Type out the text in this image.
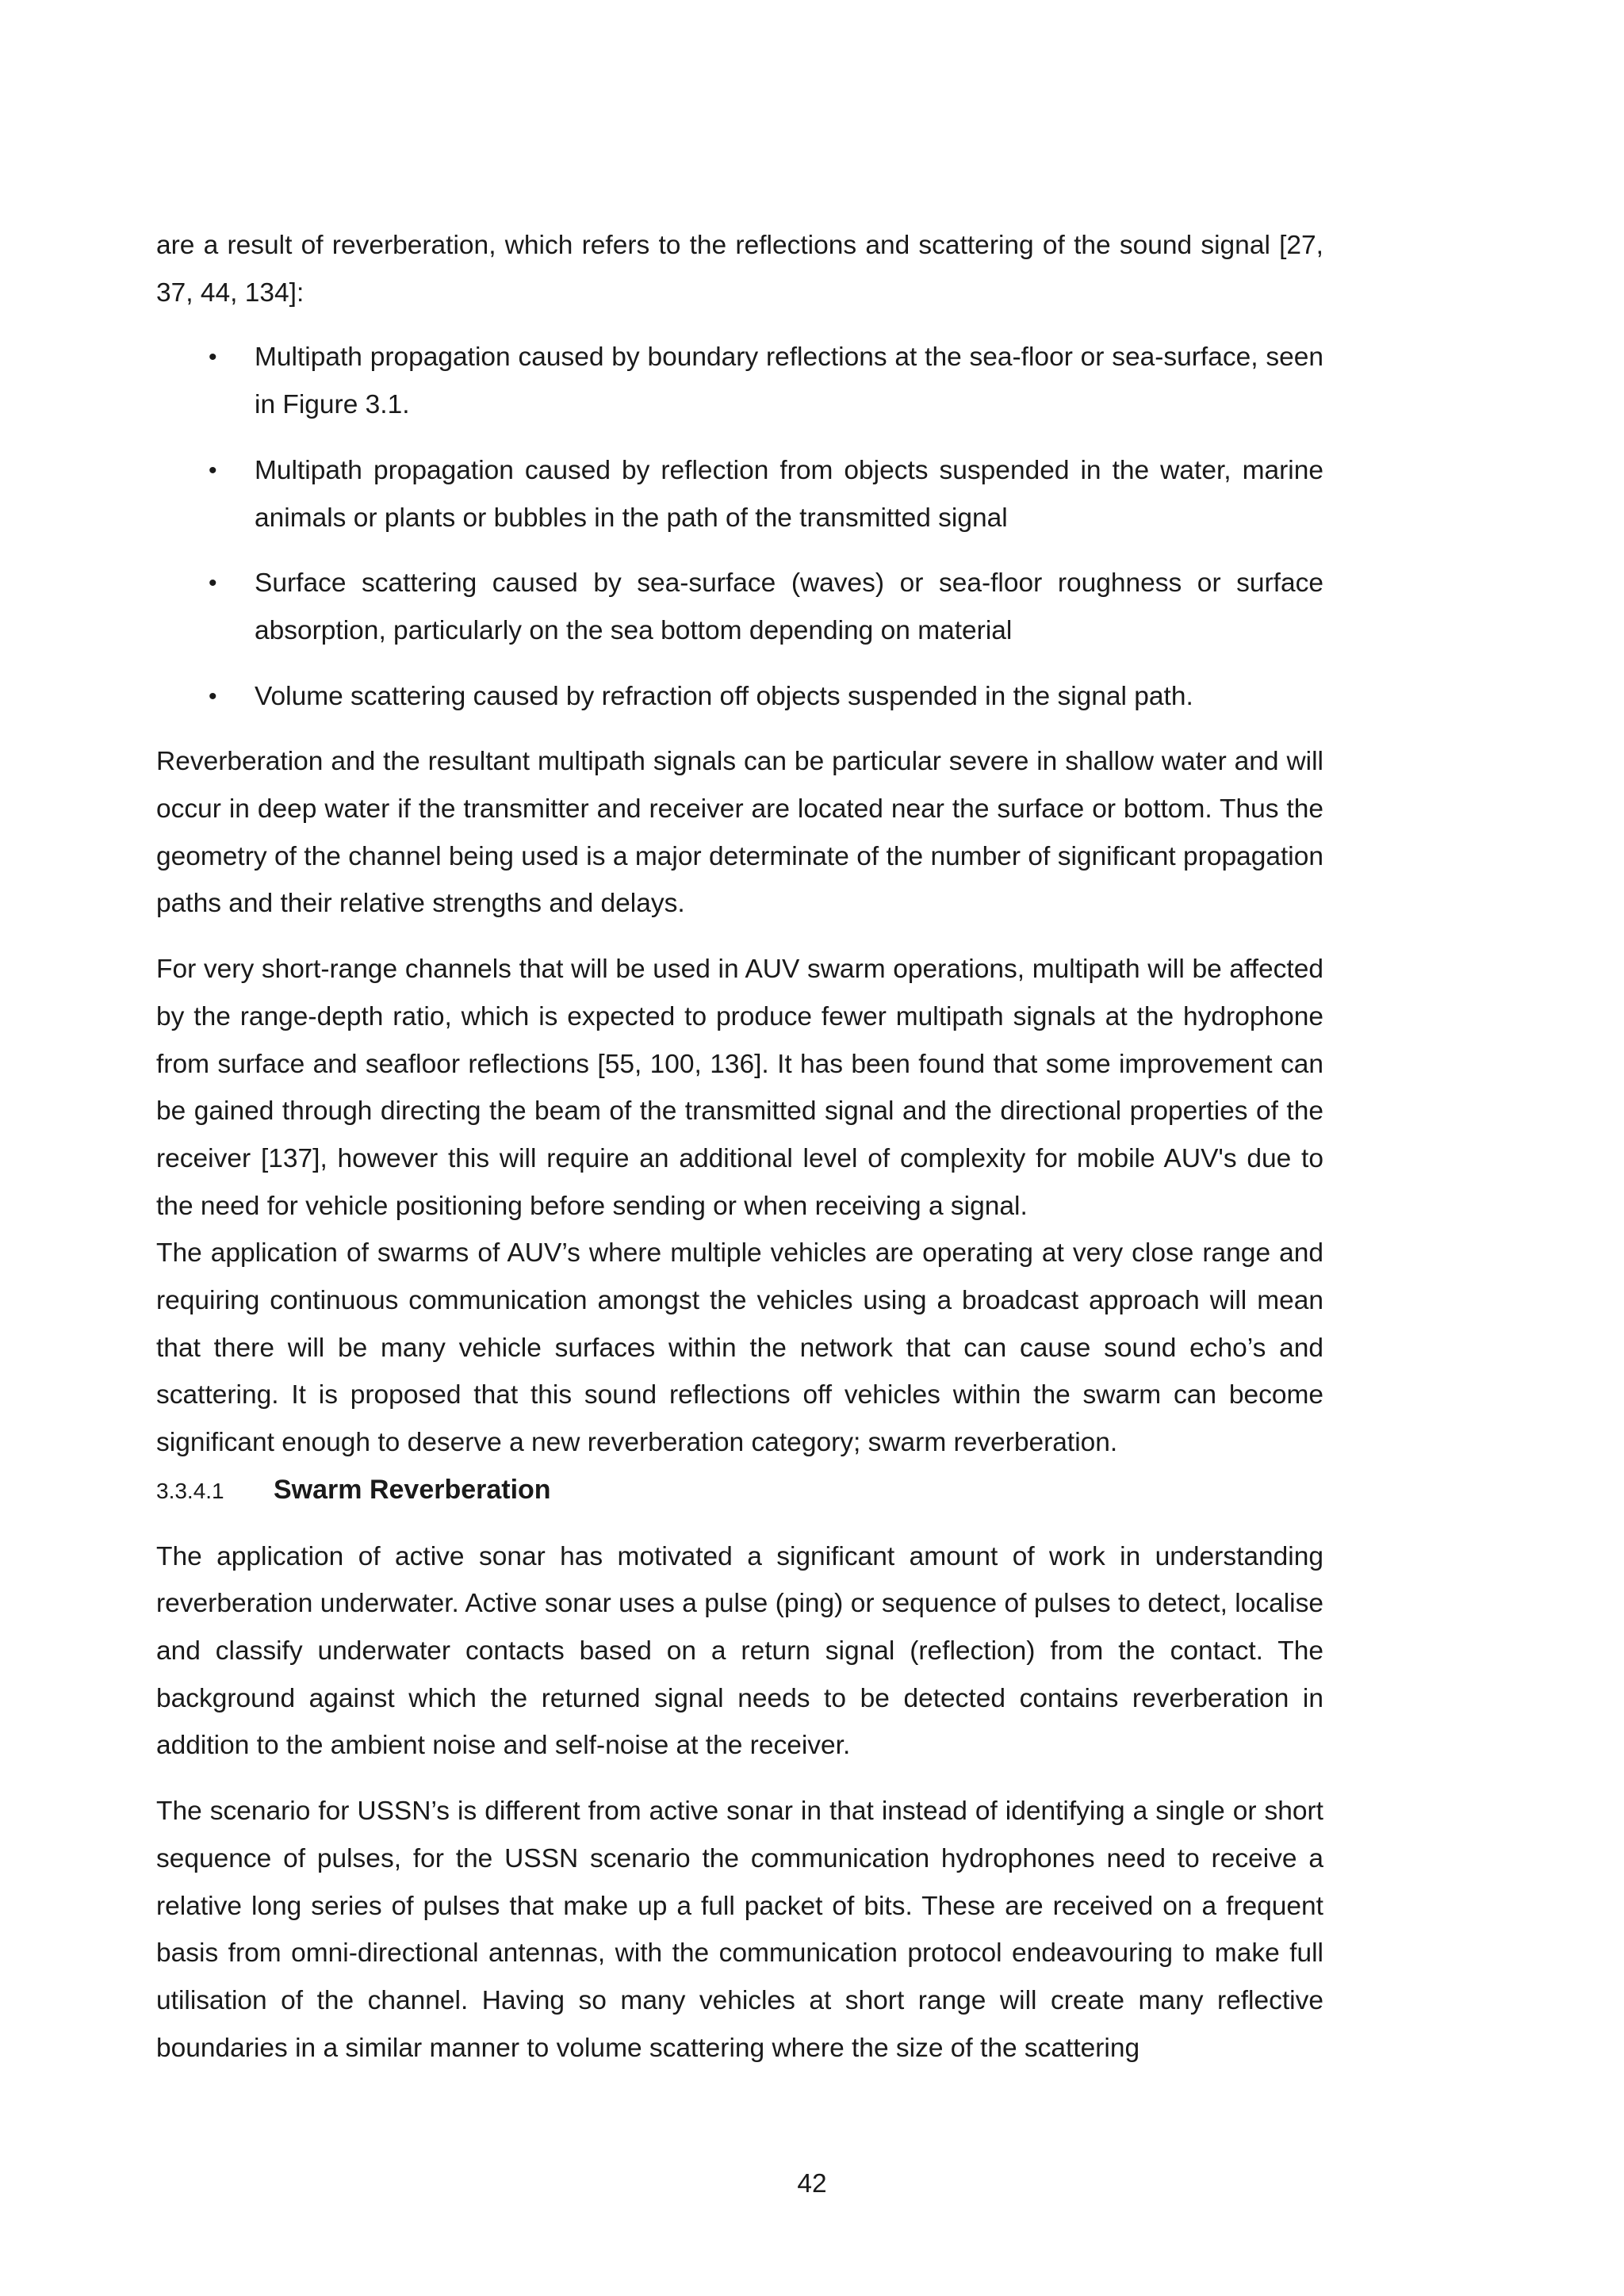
are a result of reverberation, which refers to the reflections and scattering of the sound signal [27, 37, 44, 134]:

• Multipath propagation caused by boundary reflections at the sea-floor or sea-surface, seen in Figure 3.1.
• Multipath propagation caused by reflection from objects suspended in the water, marine animals or plants or bubbles in the path of the transmitted signal
• Surface scattering caused by sea-surface (waves) or sea-floor roughness or surface absorption, particularly on the sea bottom depending on material
• Volume scattering caused by refraction off objects suspended in the signal path.

Reverberation and the resultant multipath signals can be particular severe in shallow water and will occur in deep water if the transmitter and receiver are located near the surface or bottom. Thus the geometry of the channel being used is a major determinate of the number of significant propagation paths and their relative strengths and delays.

For very short-range channels that will be used in AUV swarm operations, multipath will be affected by the range-depth ratio, which is expected to produce fewer multipath signals at the hydrophone from surface and seafloor reflections [55, 100, 136]. It has been found that some improvement can be gained through directing the beam of the transmitted signal and the directional properties of the receiver [137], however this will require an additional level of complexity for mobile AUV's due to the need for vehicle positioning before sending or when receiving a signal.

The application of swarms of AUV’s where multiple vehicles are operating at very close range and requiring continuous communication amongst the vehicles using a broadcast approach will mean that there will be many vehicle surfaces within the network that can cause sound echo’s and scattering. It is proposed that this sound reflections off vehicles within the swarm can become significant enough to deserve a new reverberation category; swarm reverberation.

3.3.4.1	Swarm Reverberation

The application of active sonar has motivated a significant amount of work in understanding reverberation underwater. Active sonar uses a pulse (ping) or sequence of pulses to detect, localise and classify underwater contacts based on a return signal (reflection) from the contact. The background against which the returned signal needs to be detected contains reverberation in addition to the ambient noise and self-noise at the receiver.

The scenario for USSN’s is different from active sonar in that instead of identifying a single or short sequence of pulses, for the USSN scenario the communication hydrophones need to receive a relative long series of pulses that make up a full packet of bits. These are received on a frequent basis from omni-directional antennas, with the communication protocol endeavouring to make full utilisation of the channel. Having so many vehicles at short range will create many reflective boundaries in a similar manner to volume scattering where the size of the scattering

42
